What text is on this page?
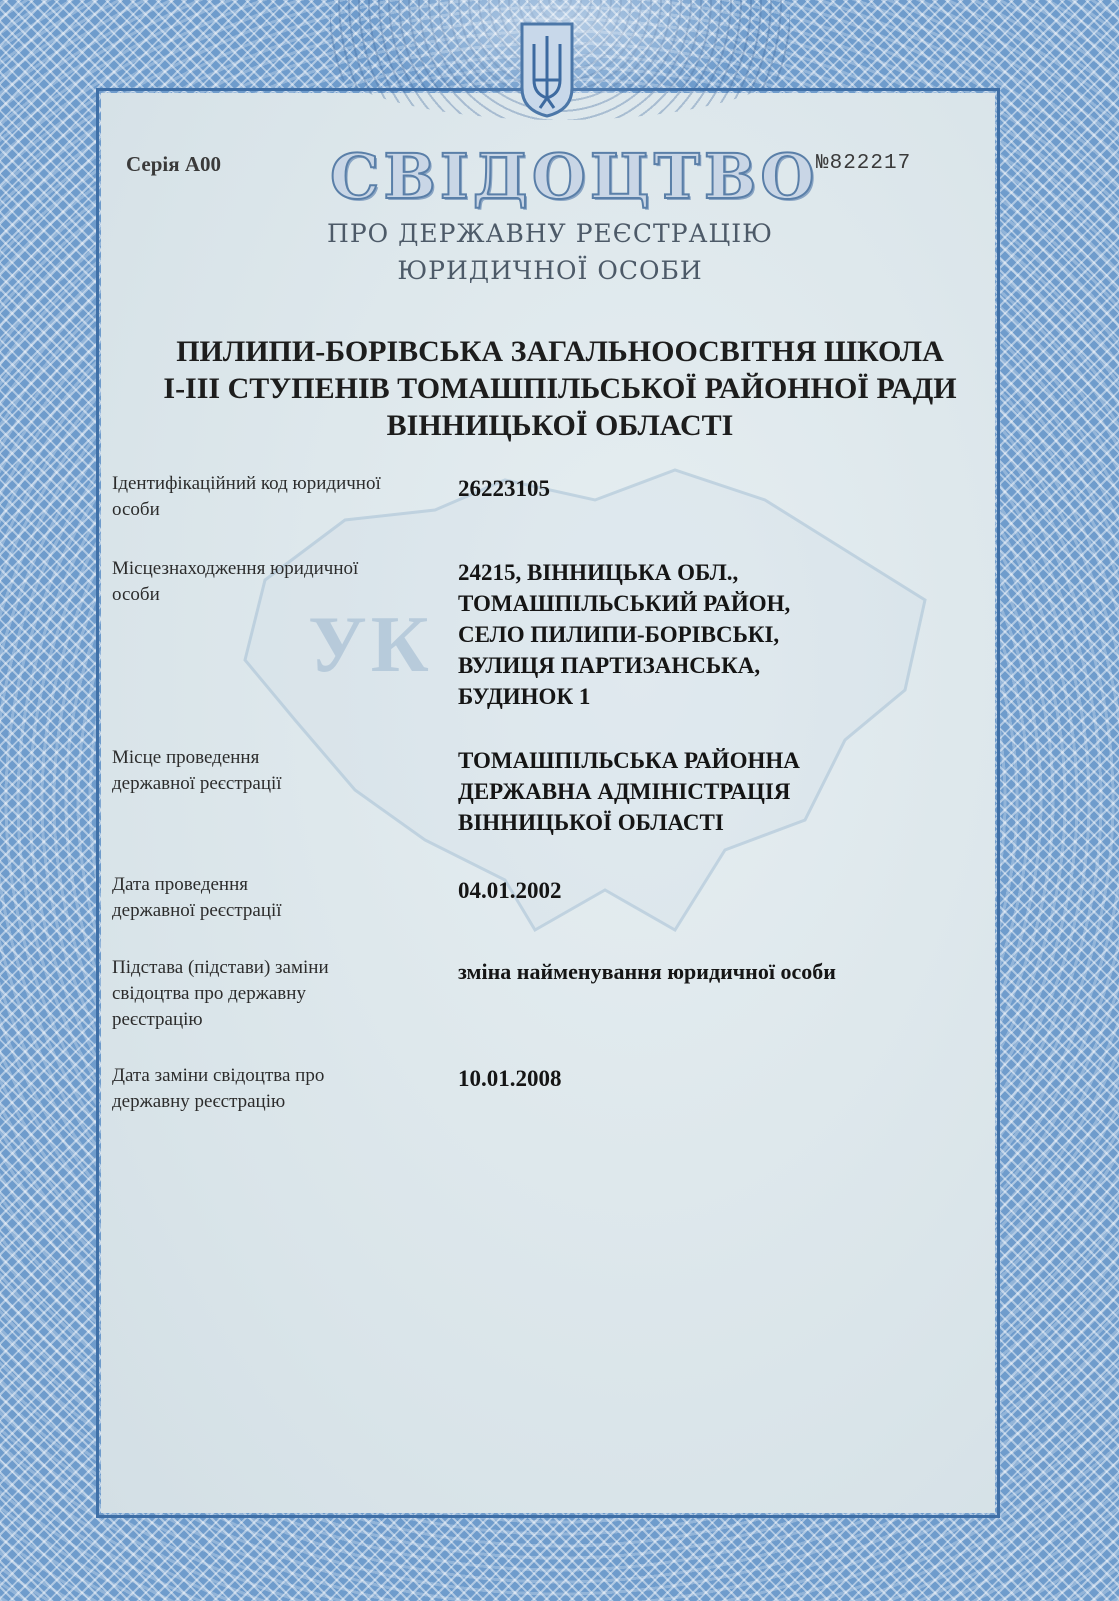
УК
Серія А00	№822217
СВІДОЦТВО
ПРО ДЕРЖАВНУ РЕЄСТРАЦІЮ
ЮРИДИЧНОЇ ОСОБИ
ПИЛИПИ-БОРІВСЬКА ЗАГАЛЬНООСВІТНЯ ШКОЛА
І-ІІІ СТУПЕНІВ ТОМАШПІЛЬСЬКОЇ РАЙОННОЇ РАДИ
ВІННИЦЬКОЇ ОБЛАСТІ
Ідентифікаційний код юридичної
особи
26223105
Місцезнаходження юридичної
особи
24215, ВІННИЦЬКА ОБЛ.,
ТОМАШПІЛЬСЬКИЙ РАЙОН,
СЕЛО ПИЛИПИ-БОРІВСЬКІ,
ВУЛИЦЯ ПАРТИЗАНСЬКА,
БУДИНОК 1
Місце проведення
державної реєстрації
ТОМАШПІЛЬСЬКА РАЙОННА
ДЕРЖАВНА АДМІНІСТРАЦІЯ
ВІННИЦЬКОЇ ОБЛАСТІ
Дата проведення
державної реєстрації
04.01.2002
Підстава (підстави) заміни
свідоцтва про державну
реєстрацію
зміна найменування юридичної особи
Дата заміни свідоцтва про
державну реєстрацію
10.01.2008
